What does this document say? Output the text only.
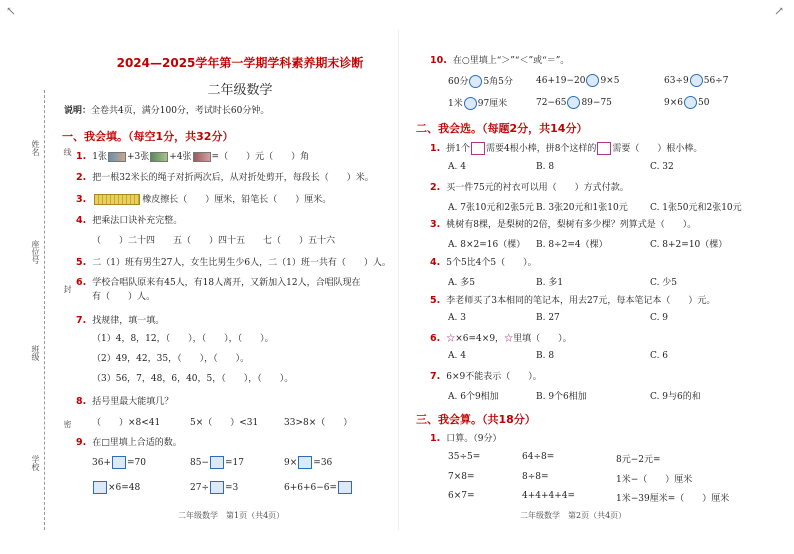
↖
姓名
座位号
班级
学校
线
封
密
↗
2024—2025学年第一学期学科素养期末诊断
二年级数学
说明：全卷共4页，满分100分，考试时长60分钟。
一、我会填。（每空1分，共32分）
1. 1张 +3张 +4张 =（　　）元（　　）角
2. 把一根32米长的绳子对折两次后，从对折处剪开，每段长（　　）米。
3.	橡皮擦长（　　）厘米，铅笔长（　　）厘米。
4. 把乘法口诀补充完整。
（　　）二十四　　五（　　）四十五　　七（　　）五十六
5. 二（1）班有男生27人，女生比男生少6人，二（1）班一共有（　　）人。
6. 学校合唱队原来有45人，有18人离开，又新加入12人，合唱队现在
有（　　）人。
7. 找规律，填一填。
（1）4，8，12，（　　），（　　），（　　）。
（2）49，42，35，（　　），（　　）。
（3）56，7，48，6，40，5，（　　），（　　）。
8. 括号里最大能填几？
（　　）×8<41	5×（　　）<31	33>8×（　　）
9. 在□里填上合适的数。
36+ =70	85− =17	9× =36
×6=48	27÷ =3	6+6+6−6=
二年级数学　第1页（共4页）
10. 在○里填上“＞”“＜”或“＝”。
60分 5角5分	46+19−20 9×5	63÷9 56÷7
1米 97厘米	72−65 89−75	9×6 50
二、我会选。（每题2分，共14分）
1. 拼1个 需要4根小棒，拼8个这样的 需要（　　）根小棒。
A. 4	B. 8	C. 32
2. 买一件75元的衬衣可以用（　　）方式付款。
A. 7张10元和2张5元 B. 3张20元和1张10元 C. 1张50元和2张10元
3. 桃树有8棵，是梨树的2倍，梨树有多少棵？列算式是（　　）。
A. 8×2=16（棵） B. 8÷2=4（棵）	C. 8+2=10（棵）
4. 5个5比4个5（　　）。
A. 多5	B. 多1	C. 少5
5. 李老师买了3本相同的笔记本，用去27元，每本笔记本（　　）元。
A. 3	B. 27	C. 9
6. ☆×6=4×9，☆里填（　　）。
A. 4	B. 8	C. 6
7. 6×9不能表示（　　）。
A. 6个9相加	B. 9个6相加	C. 9与6的和
三、我会算。（共18分）
1. 口算。（9分）
35÷5=	64÷8=	8元−2元=
7×8=	8÷8=	1米−（　　）厘米
6×7=	4+4+4+4=	1米−39厘米=（　　）厘米
二年级数学　第2页（共4页）
